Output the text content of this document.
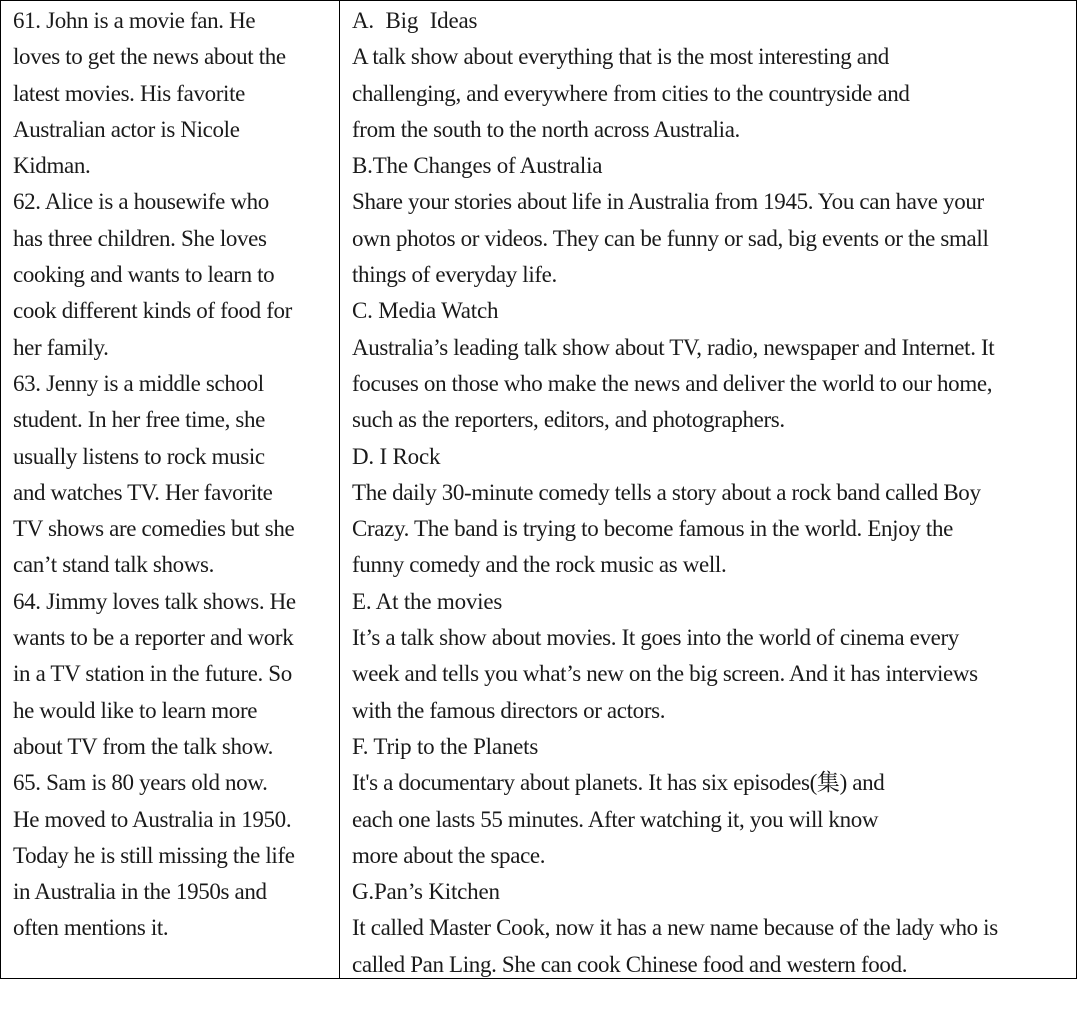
61. John is a movie fan. He
loves to get the news about the
latest movies. His favorite
Australian actor is Nicole
Kidman.
62. Alice is a housewife who
has three children. She loves
cooking and wants to learn to
cook different kinds of food for
her family.
63. Jenny is a middle school
student. In her free time, she
usually listens to rock music
and watches TV. Her favorite
TV shows are comedies but she
can’t stand talk shows.
64. Jimmy loves talk shows. He
wants to be a reporter and work
in a TV station in the future. So
he would like to learn more
about TV from the talk show.
65. Sam is 80 years old now.
He moved to Australia in 1950.
Today he is still missing the life
in Australia in the 1950s and
often mentions it.
A. Big Ideas
A talk show about everything that is the most interesting and
challenging, and everywhere from cities to the countryside and
from the south to the north across Australia.
B.The Changes of Australia
Share your stories about life in Australia from 1945. You can have your
own photos or videos. They can be funny or sad, big events or the small
things of everyday life.
C. Media Watch
Australia’s leading talk show about TV, radio, newspaper and Internet. It
focuses on those who make the news and deliver the world to our home,
such as the reporters, editors, and photographers.
D. I Rock
The daily 30-minute comedy tells a story about a rock band called Boy
Crazy. The band is trying to become famous in the world. Enjoy the
funny comedy and the rock music as well.
E. At the movies
It’s a talk show about movies. It goes into the world of cinema every
week and tells you what’s new on the big screen. And it has interviews
with the famous directors or actors.
F. Trip to the Planets
It's a documentary about planets. It has six episodes(集) and
each one lasts 55 minutes. After watching it, you will know
more about the space.
G.Pan’s Kitchen
It called Master Cook, now it has a new name because of the lady who is
called Pan Ling. She can cook Chinese food and western food.
